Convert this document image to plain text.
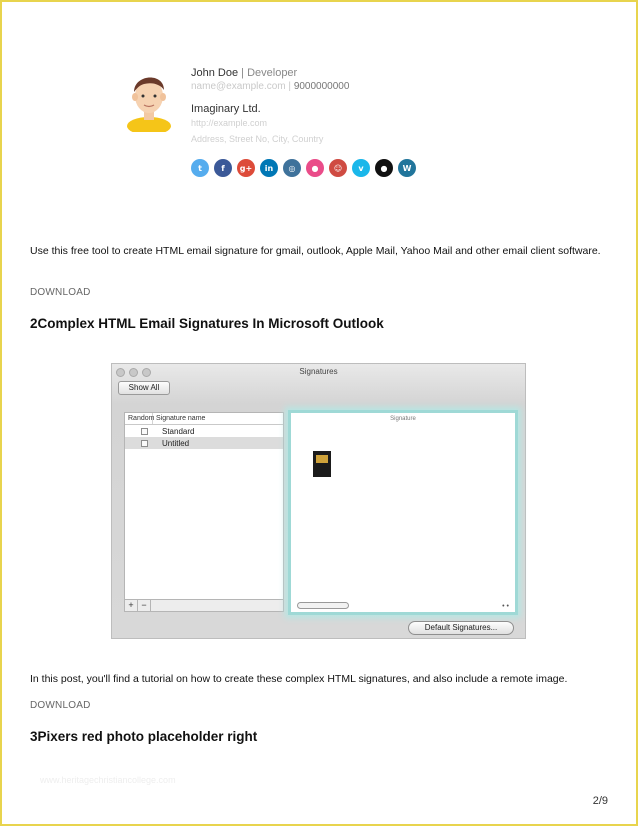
John Doe | Developer
name@example.com | 9000000000
Imaginary Ltd.
http://example.com
Address, Street No, City, Country
t	f	g+	in	◎	●	☺	v	●	W

Use this free tool to create HTML email signature for gmail, outlook, Apple Mail, Yahoo Mail and other email client software.

DOWNLOAD
2Complex HTML Email Signatures In Microsoft Outlook
Signatures
Show All
Random Signature name
Standard
Untitled
+ −
Signature
• •
Default Signatures...

In this post, you'll find a tutorial on how to create these complex HTML signatures, and also include a remote image.

DOWNLOAD
3Pixers red photo placeholder right
www.heritagechristiancollege.com
2/9
